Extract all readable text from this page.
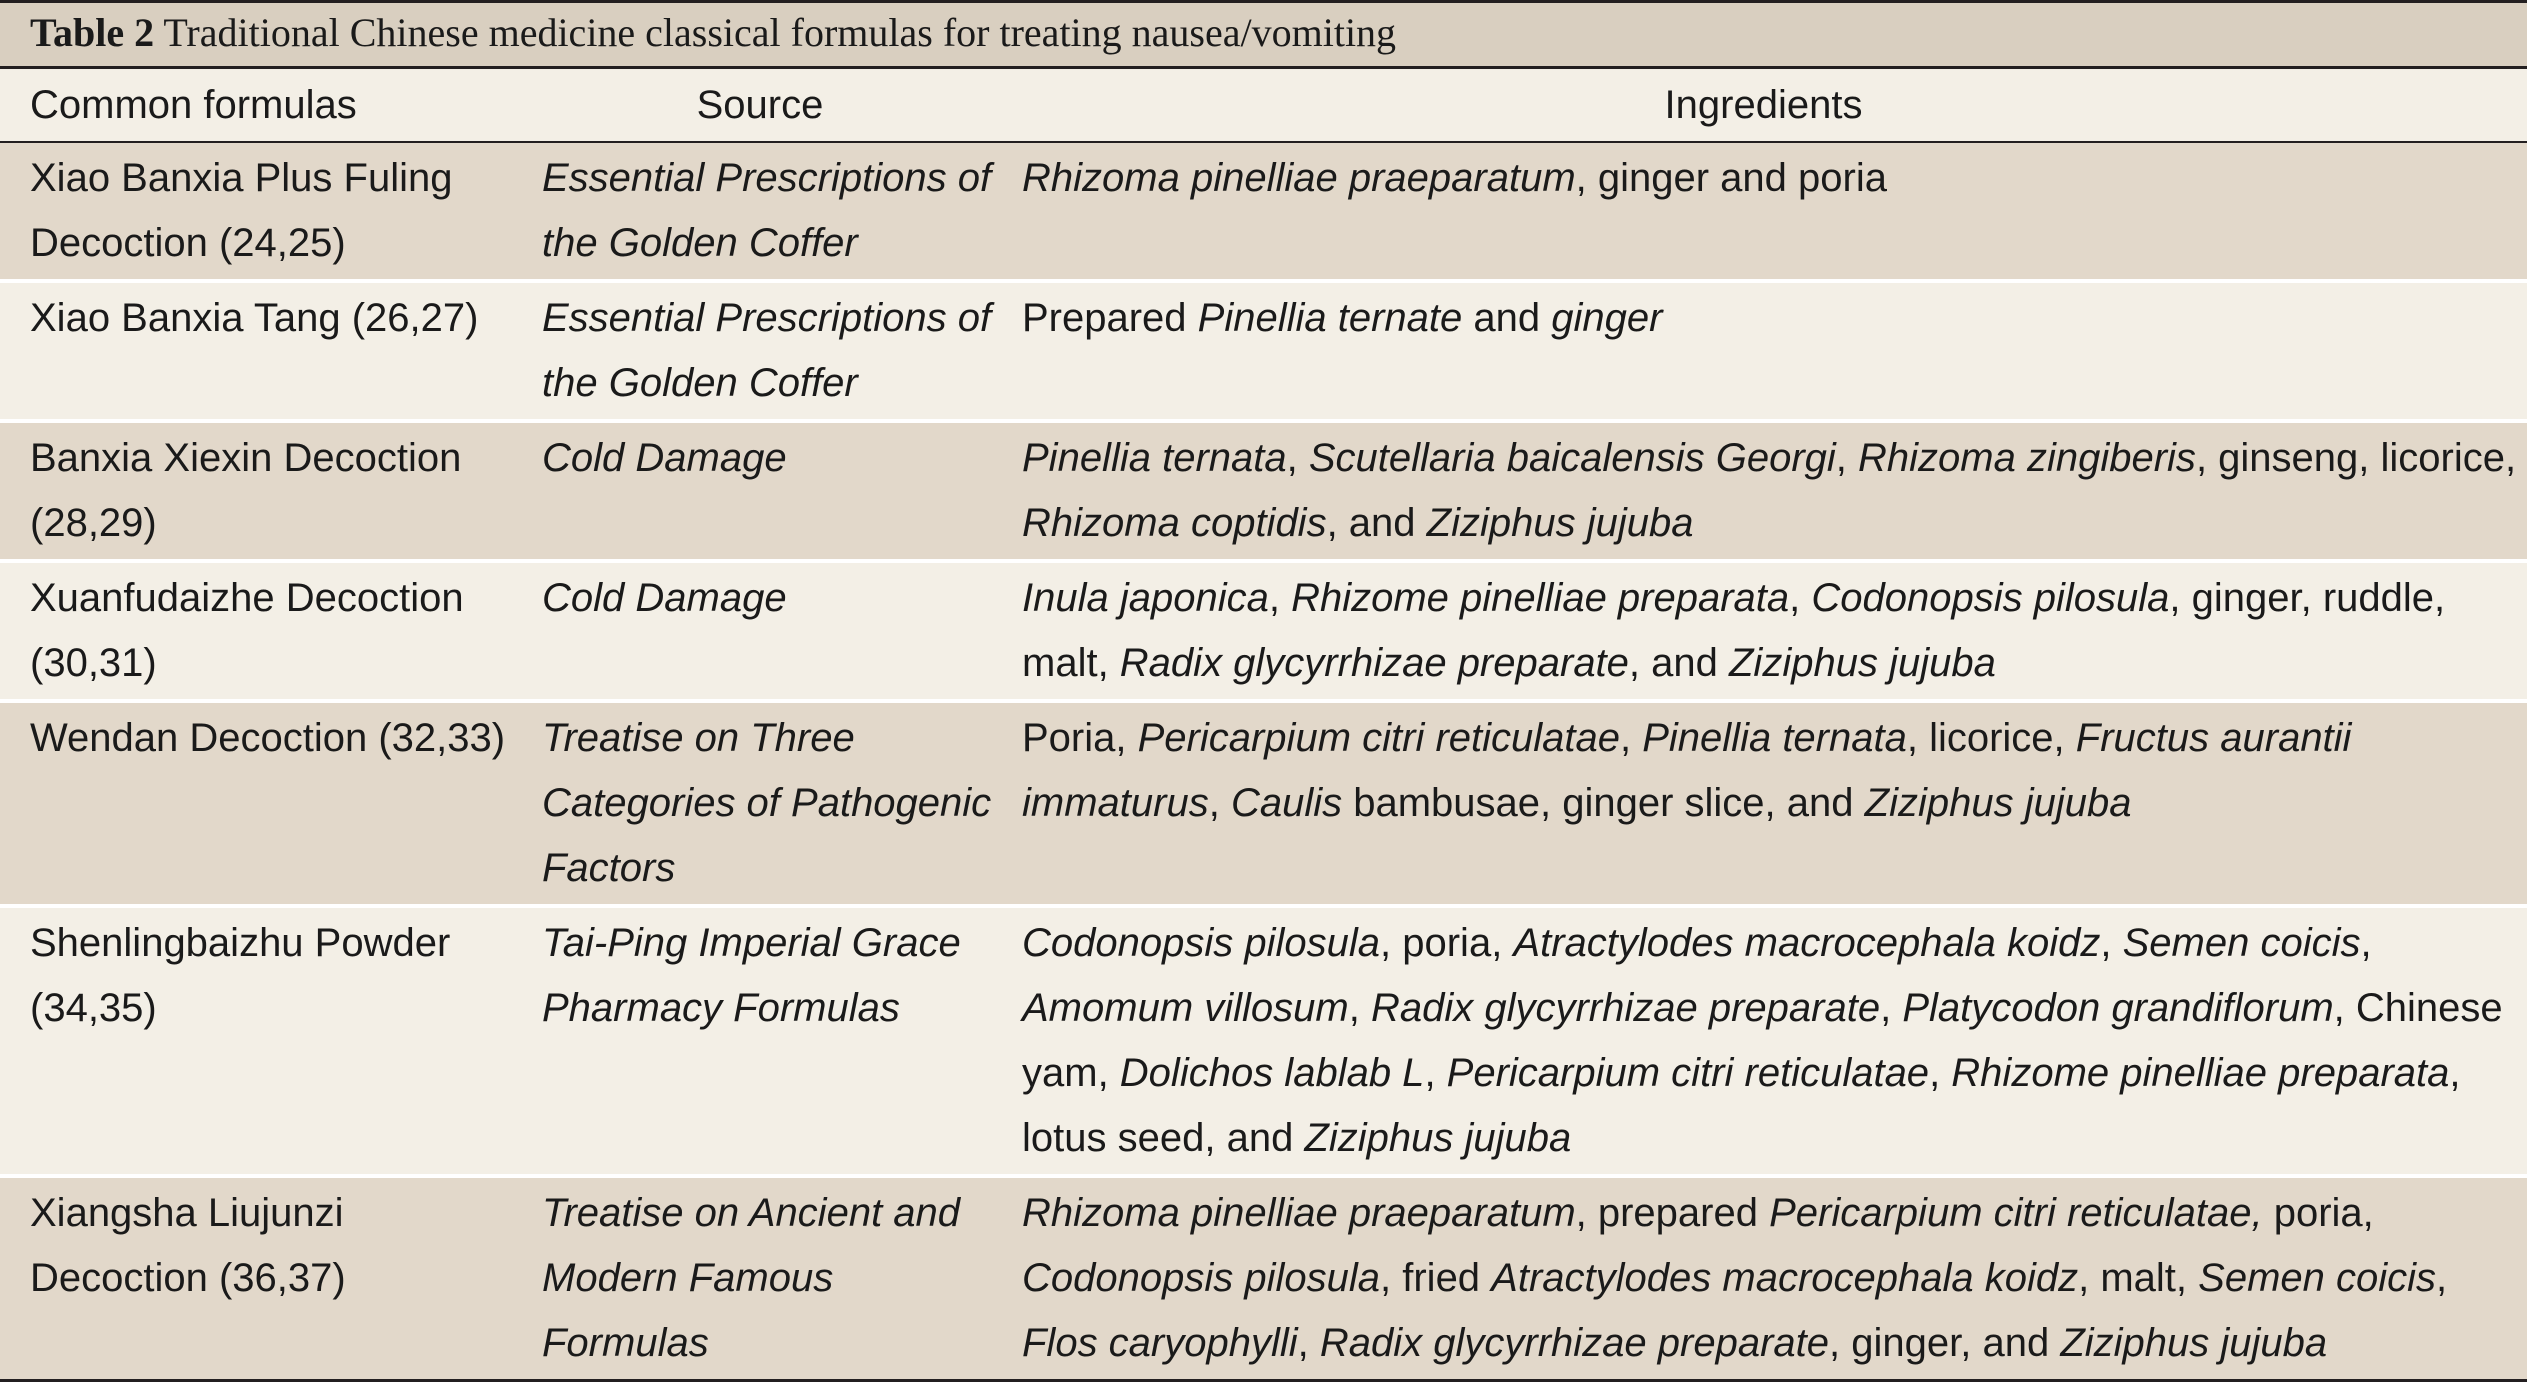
Table 2 Traditional Chinese medicine classical formulas for treating nausea/vomiting
Common formulas	Source	Ingredients
Xiao Banxia Plus Fuling Decoction (24,25)	Essential Prescriptions of the Golden Coffer	Rhizoma pinelliae praeparatum, ginger and poria
Xiao Banxia Tang (26,27)	Essential Prescriptions of the Golden Coffer	Prepared Pinellia ternate and ginger
Banxia Xiexin Decoction (28,29)	Cold Damage	Pinellia ternata, Scutellaria baicalensis Georgi, Rhizoma zingiberis, ginseng, licorice, Rhizoma coptidis, and Ziziphus jujuba
Xuanfudaizhe Decoction (30,31)	Cold Damage	Inula japonica, Rhizome pinelliae preparata, Codonopsis pilosula, ginger, ruddle, malt, Radix glycyrrhizae preparate, and Ziziphus jujuba
Wendan Decoction (32,33)	Treatise on Three Categories of Pathogenic Factors	Poria, Pericarpium citri reticulatae, Pinellia ternata, licorice, Fructus aurantii immaturus, Caulis bambusae, ginger slice, and Ziziphus jujuba
Shenlingbaizhu Powder (34,35)	Tai-Ping Imperial Grace Pharmacy Formulas	Codonopsis pilosula, poria, Atractylodes macrocephala koidz, Semen coicis, Amomum villosum, Radix glycyrrhizae preparate, Platycodon grandiflorum, Chinese yam, Dolichos lablab L, Pericarpium citri reticulatae, Rhizome pinelliae preparata, lotus seed, and Ziziphus jujuba
Xiangsha Liujunzi Decoction (36,37)	Treatise on Ancient and Modern Famous Formulas	Rhizoma pinelliae praeparatum, prepared Pericarpium citri reticulatae, poria, Codonopsis pilosula, fried Atractylodes macrocephala koidz, malt, Semen coicis, Flos caryophylli, Radix glycyrrhizae preparate, ginger, and Ziziphus jujuba
